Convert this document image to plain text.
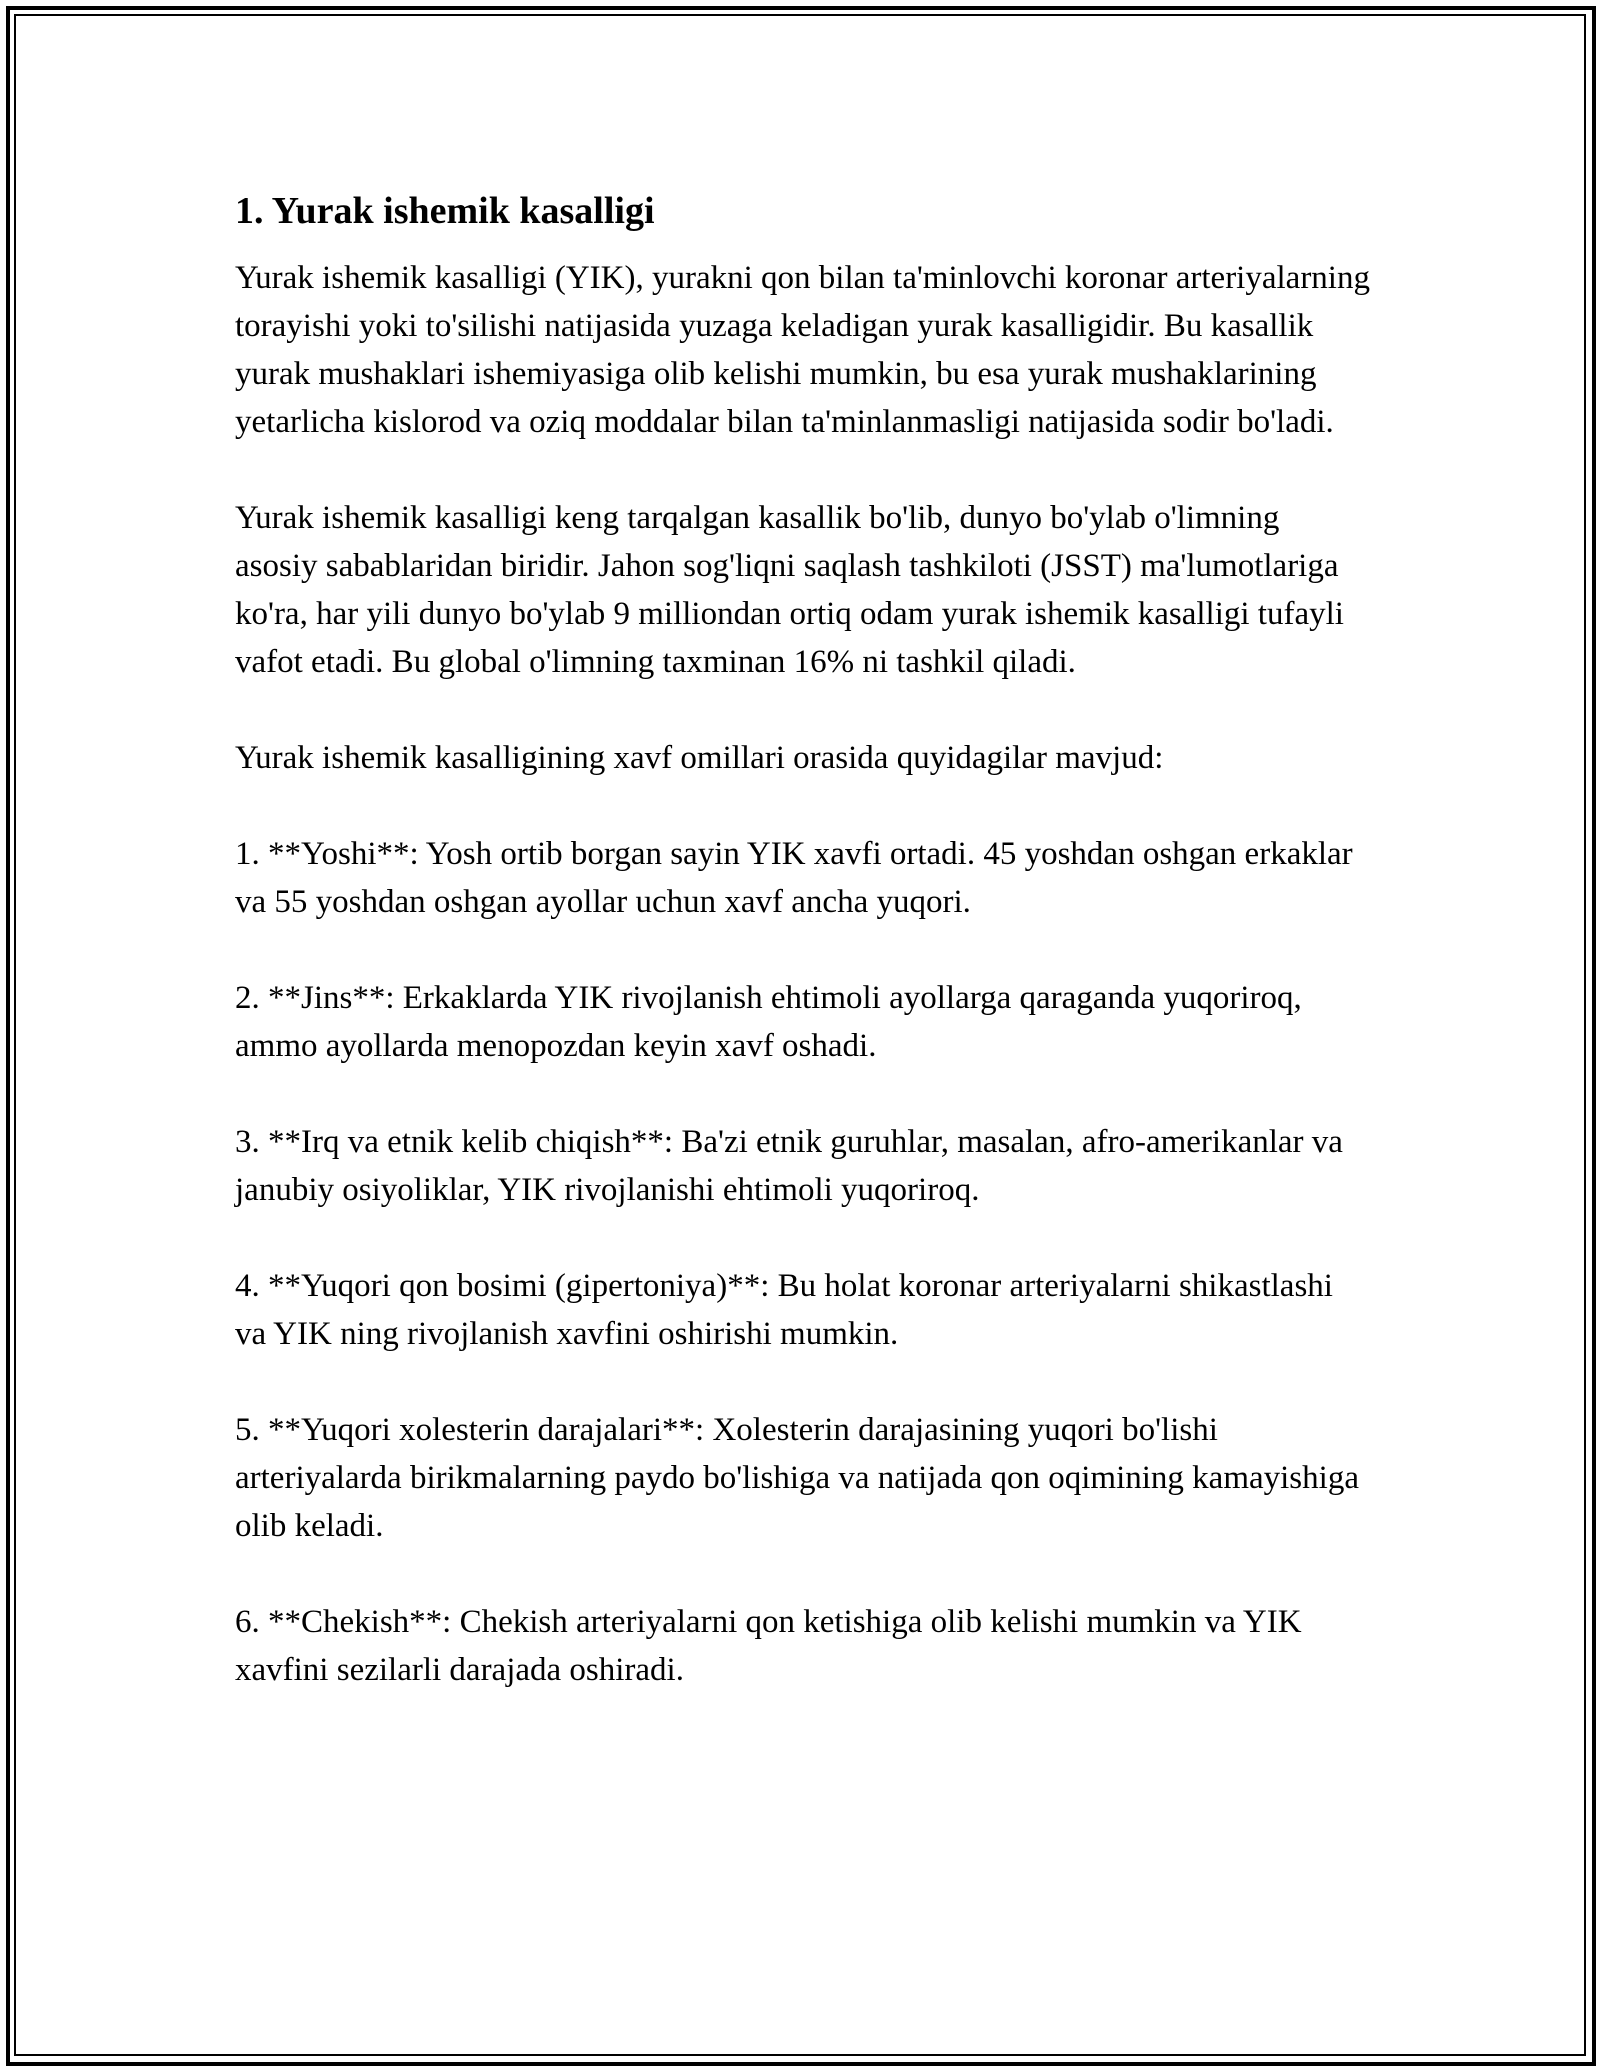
1. Yurak ishemik kasalligi

Yurak ishemik kasalligi (YIK), yurakni qon bilan ta'minlovchi koronar arteriyalarning torayishi yoki to'silishi natijasida yuzaga keladigan yurak kasalligidir. Bu kasallik yurak mushaklari ishemiyasiga olib kelishi mumkin, bu esa yurak mushaklarining yetarlicha kislorod va oziq moddalar bilan ta'minlanmasligi natijasida sodir bo'ladi.

Yurak ishemik kasalligi keng tarqalgan kasallik bo'lib, dunyo bo'ylab o'limning asosiy sabablaridan biridir. Jahon sog'liqni saqlash tashkiloti (JSST) ma'lumotlariga ko'ra, har yili dunyo bo'ylab 9 milliondan ortiq odam yurak ishemik kasalligi tufayli vafot etadi. Bu global o'limning taxminan 16% ni tashkil qiladi.

Yurak ishemik kasalligining xavf omillari orasida quyidagilar mavjud:

1. **Yoshi**: Yosh ortib borgan sayin YIK xavfi ortadi. 45 yoshdan oshgan erkaklar va 55 yoshdan oshgan ayollar uchun xavf ancha yuqori.

2. **Jins**: Erkaklarda YIK rivojlanish ehtimoli ayollarga qaraganda yuqoriroq, ammo ayollarda menopozdan keyin xavf oshadi.

3. **Irq va etnik kelib chiqish**: Ba'zi etnik guruhlar, masalan, afro-amerikanlar va janubiy osiyoliklar, YIK rivojlanishi ehtimoli yuqoriroq.

4. **Yuqori qon bosimi (gipertoniya)**: Bu holat koronar arteriyalarni shikastlashi va YIK ning rivojlanish xavfini oshirishi mumkin.

5. **Yuqori xolesterin darajalari**: Xolesterin darajasining yuqori bo'lishi arteriyalarda birikmalarning paydo bo'lishiga va natijada qon oqimining kamayishiga olib keladi.

6. **Chekish**: Chekish arteriyalarni qon ketishiga olib kelishi mumkin va YIK xavfini sezilarli darajada oshiradi.
